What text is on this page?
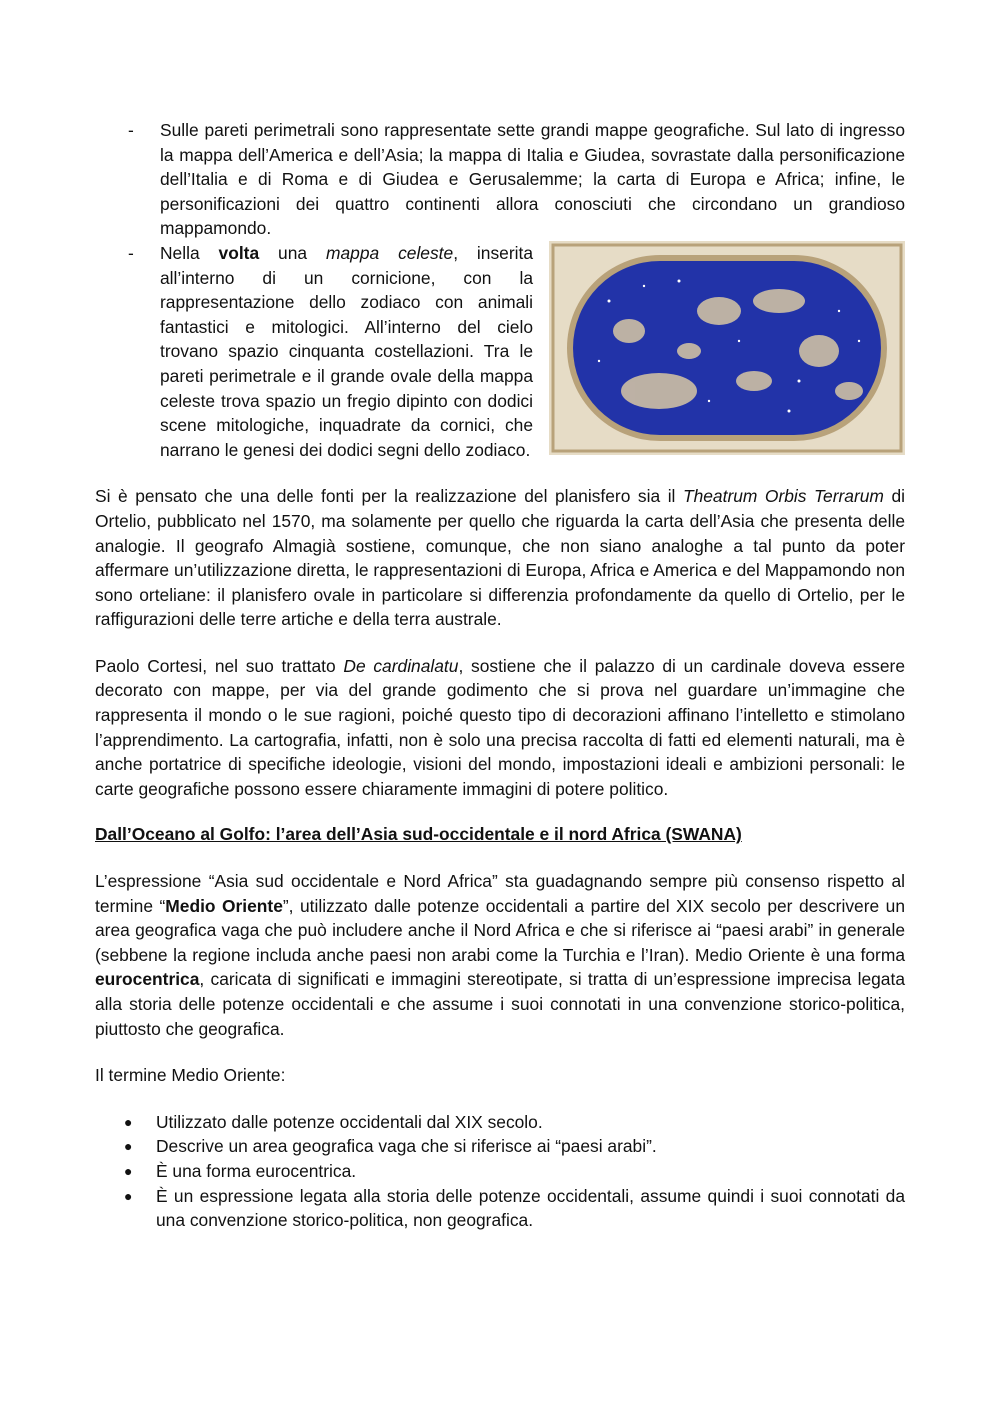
- Sulle pareti perimetrali sono rappresentate sette grandi mappe geografiche. Sul lato di ingresso la mappa dell’America e dell’Asia; la mappa di Italia e Giudea, sovrastate dalla personificazione dell’Italia e di Roma e di Giudea e Gerusalemme; la carta di Europa e Africa; infine, le personificazioni dei quattro continenti allora conosciuti che circondano un grandioso mappamondo.
- Nella volta una mappa celeste, inserita all’interno di un cornicione, con la rappresentazione dello zodiaco con animali fantastici e mitologici. All’interno del cielo trovano spazio cinquanta costellazioni. Tra le pareti perimetrale e il grande ovale della mappa celeste trova spazio un fregio dipinto con dodici scene mitologiche, inquadrate da cornici, che narrano le genesi dei dodici segni dello zodiaco.

Si è pensato che una delle fonti per la realizzazione del planisfero sia il Theatrum Orbis Terrarum di Ortelio, pubblicato nel 1570, ma solamente per quello che riguarda la carta dell’Asia che presenta delle analogie. Il geografo Almagià sostiene, comunque, che non siano analoghe a tal punto da poter affermare un’utilizzazione diretta, le rappresentazioni di Europa, Africa e America e del Mappamondo non sono orteliane: il planisfero ovale in particolare si differenzia profondamente da quello di Ortelio, per le raffigurazioni delle terre artiche e della terra australe.

Paolo Cortesi, nel suo trattato De cardinalatu, sostiene che il palazzo di un cardinale doveva essere decorato con mappe, per via del grande godimento che si prova nel guardare un’immagine che rappresenta il mondo o le sue ragioni, poiché questo tipo di decorazioni affinano l’intelletto e stimolano l’apprendimento. La cartografia, infatti, non è solo una precisa raccolta di fatti ed elementi naturali, ma è anche portatrice di specifiche ideologie, visioni del mondo, impostazioni ideali e ambizioni personali: le carte geografiche possono essere chiaramente immagini di potere politico.

Dall’Oceano al Golfo: l’area dell’Asia sud-occidentale e il nord Africa (SWANA)

L’espressione “Asia sud occidentale e Nord Africa” sta guadagnando sempre più consenso rispetto al termine “Medio Oriente”, utilizzato dalle potenze occidentali a partire del XIX secolo per descrivere un area geografica vaga che può includere anche il Nord Africa e che si riferisce ai “paesi arabi” in generale (sebbene la regione includa anche paesi non arabi come la Turchia e l’Iran). Medio Oriente è una forma eurocentrica, caricata di significati e immagini stereotipate, si tratta di un’espressione imprecisa legata alla storia delle potenze occidentali e che assume i suoi connotati in una convenzione storico-politica, piuttosto che geografica.

Il termine Medio Oriente:

● Utilizzato dalle potenze occidentali dal XIX secolo.
● Descrive un area geografica vaga che si riferisce ai “paesi arabi”.
● È una forma eurocentrica.
● È un espressione legata alla storia delle potenze occidentali, assume quindi i suoi connotati da una convenzione storico-politica, non geografica.
